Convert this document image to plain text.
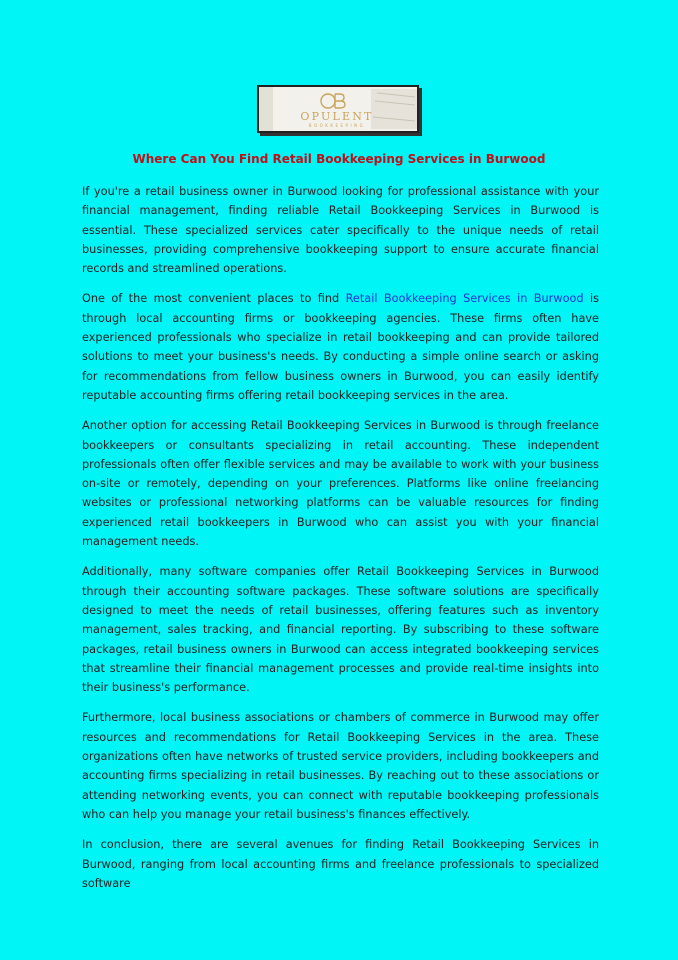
OPULENT
BOOKKEEPING
Where Can You Find Retail Bookkeeping Services in Burwood

If you're a retail business owner in Burwood looking for professional assistance with your financial management, finding reliable Retail Bookkeeping Services in Burwood is essential. These specialized services cater specifically to the unique needs of retail businesses, providing comprehensive bookkeeping support to ensure accurate financial records and streamlined operations.

One of the most convenient places to find Retail Bookkeeping Services in Burwood is through local accounting firms or bookkeeping agencies. These firms often have experienced professionals who specialize in retail bookkeeping and can provide tailored solutions to meet your business's needs. By conducting a simple online search or asking for recommendations from fellow business owners in Burwood, you can easily identify reputable accounting firms offering retail bookkeeping services in the area.

Another option for accessing Retail Bookkeeping Services in Burwood is through freelance bookkeepers or consultants specializing in retail accounting. These independent professionals often offer flexible services and may be available to work with your business on-site or remotely, depending on your preferences. Platforms like online freelancing websites or professional networking platforms can be valuable resources for finding experienced retail bookkeepers in Burwood who can assist you with your financial management needs.

Additionally, many software companies offer Retail Bookkeeping Services in Burwood through their accounting software packages. These software solutions are specifically designed to meet the needs of retail businesses, offering features such as inventory management, sales tracking, and financial reporting. By subscribing to these software packages, retail business owners in Burwood can access integrated bookkeeping services that streamline their financial management processes and provide real-time insights into their business's performance.

Furthermore, local business associations or chambers of commerce in Burwood may offer resources and recommendations for Retail Bookkeeping Services in the area. These organizations often have networks of trusted service providers, including bookkeepers and accounting firms specializing in retail businesses. By reaching out to these associations or attending networking events, you can connect with reputable bookkeeping professionals who can help you manage your retail business's finances effectively.

In conclusion, there are several avenues for finding Retail Bookkeeping Services in Burwood, ranging from local accounting firms and freelance professionals to specialized software
